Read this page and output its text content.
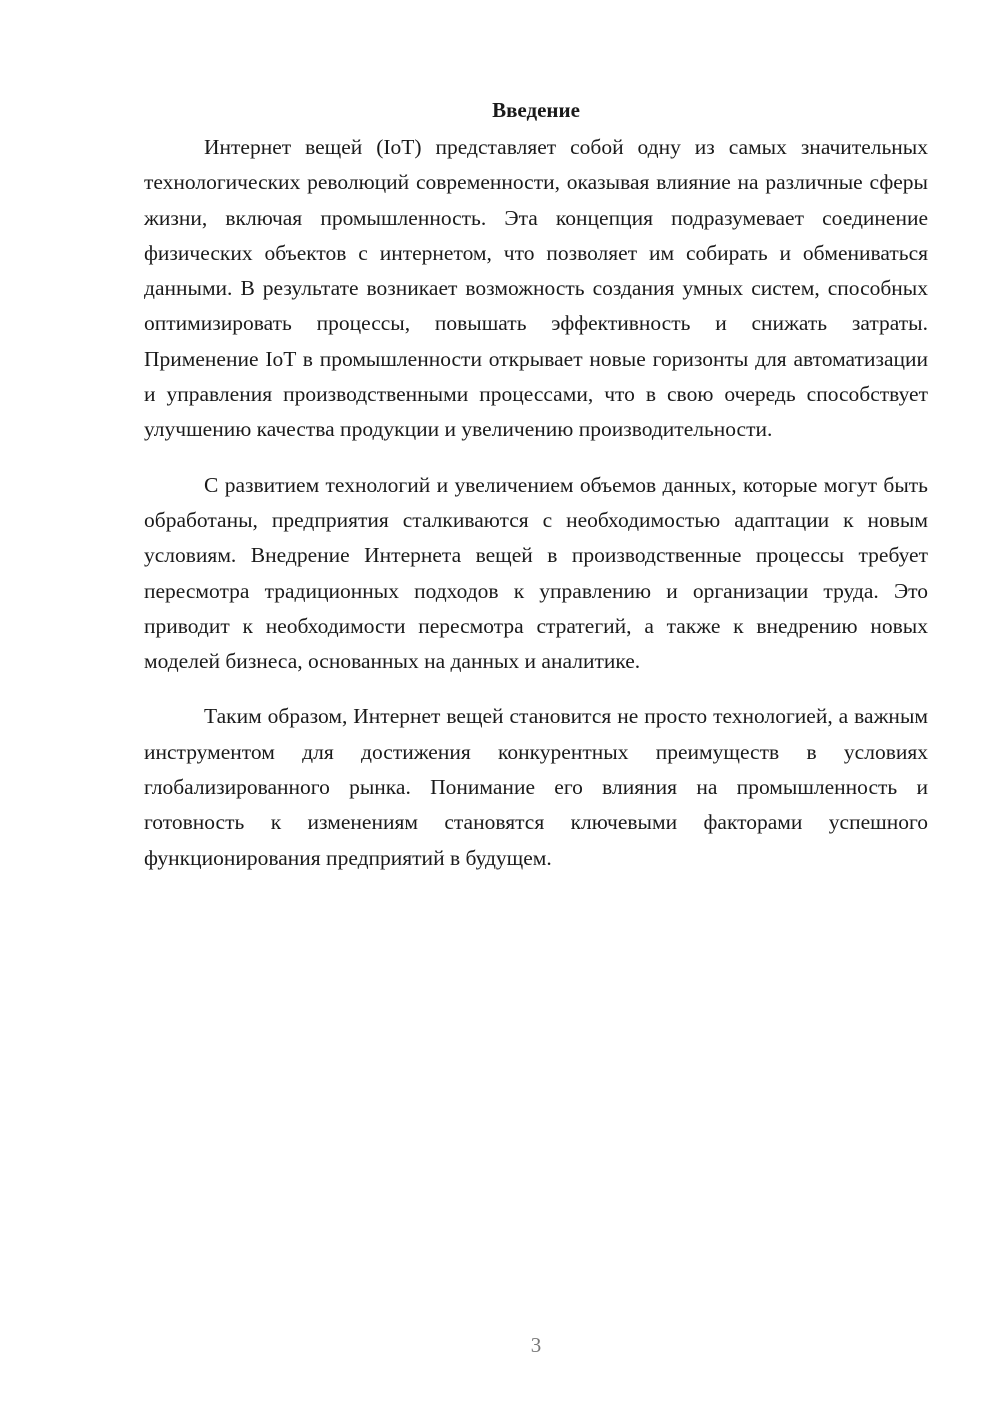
Введение

Интернет вещей (IoT) представляет собой одну из самых значительных технологических революций современности, оказывая влияние на различные сферы жизни, включая промышленность. Эта концепция подразумевает соединение физических объектов с интернетом, что позволяет им собирать и обмениваться данными. В результате возникает возможность создания умных систем, способных оптимизировать процессы, повышать эффективность и снижать затраты. Применение IoT в промышленности открывает новые горизонты для автоматизации и управления производственными процессами, что в свою очередь способствует улучшению качества продукции и увеличению производительности.

С развитием технологий и увеличением объемов данных, которые могут быть обработаны, предприятия сталкиваются с необходимостью адаптации к новым условиям. Внедрение Интернета вещей в производственные процессы требует пересмотра традиционных подходов к управлению и организации труда. Это приводит к необходимости пересмотра стратегий, а также к внедрению новых моделей бизнеса, основанных на данных и аналитике.

Таким образом, Интернет вещей становится не просто технологией, а важным инструментом для достижения конкурентных преимуществ в условиях глобализированного рынка. Понимание его влияния на промышленность и готовность к изменениям становятся ключевыми факторами успешного функционирования предприятий в будущем.

3
